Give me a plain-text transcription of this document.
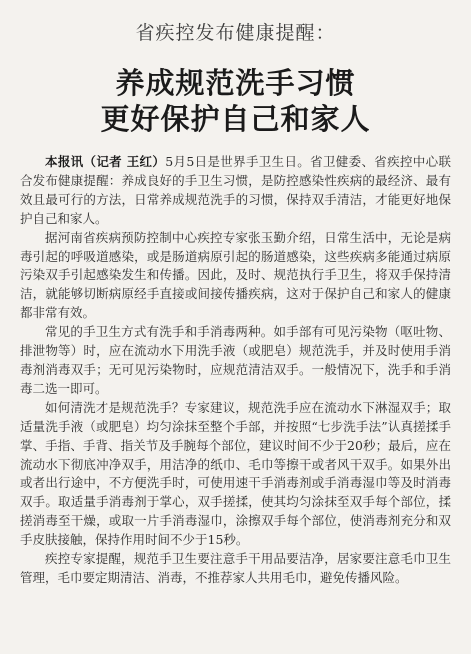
省疾控发布健康提醒：
养成规范洗手习惯
更好保护自己和家人

本报讯（记者 王红）5月5日是世界手卫生日。省卫健委、省疾控中心联合发布健康提醒：养成良好的手卫生习惯，是防控感染性疾病的最经济、最有效且最可行的方法，日常养成规范洗手的习惯，保持双手清洁，才能更好地保护自己和家人。

据河南省疾病预防控制中心疾控专家张玉勤介绍，日常生活中，无论是病毒引起的呼吸道感染，或是肠道病原引起的肠道感染，这些疾病多能通过病原污染双手引起感染发生和传播。因此，及时、规范执行手卫生，将双手保持清洁，就能够切断病原经手直接或间接传播疾病，这对于保护自己和家人的健康都非常有效。

常见的手卫生方式有洗手和手消毒两种。如手部有可见污染物（呕吐物、排泄物等）时，应在流动水下用洗手液（或肥皂）规范洗手，并及时使用手消毒剂消毒双手；无可见污染物时，应规范清洁双手。一般情况下，洗手和手消毒二选一即可。

如何清洗才是规范洗手？专家建议，规范洗手应在流动水下淋湿双手；取适量洗手液（或肥皂）均匀涂抹至整个手部，并按照“七步洗手法”认真搓揉手掌、手指、手背、指关节及手腕每个部位，建议时间不少于20秒；最后，应在流动水下彻底冲净双手，用洁净的纸巾、毛巾等擦干或者风干双手。如果外出或者出行途中，不方便洗手时，可使用速干手消毒剂或手消毒湿巾等及时消毒双手。取适量手消毒剂于掌心，双手搓揉，使其均匀涂抹至双手每个部位，揉搓消毒至干燥，或取一片手消毒湿巾，涂擦双手每个部位，使消毒剂充分和双手皮肤接触，保持作用时间不少于15秒。

疾控专家提醒，规范手卫生要注意手干用品要洁净，居家要注意毛巾卫生管理，毛巾要定期清洁、消毒，不推荐家人共用毛巾，避免传播风险。
